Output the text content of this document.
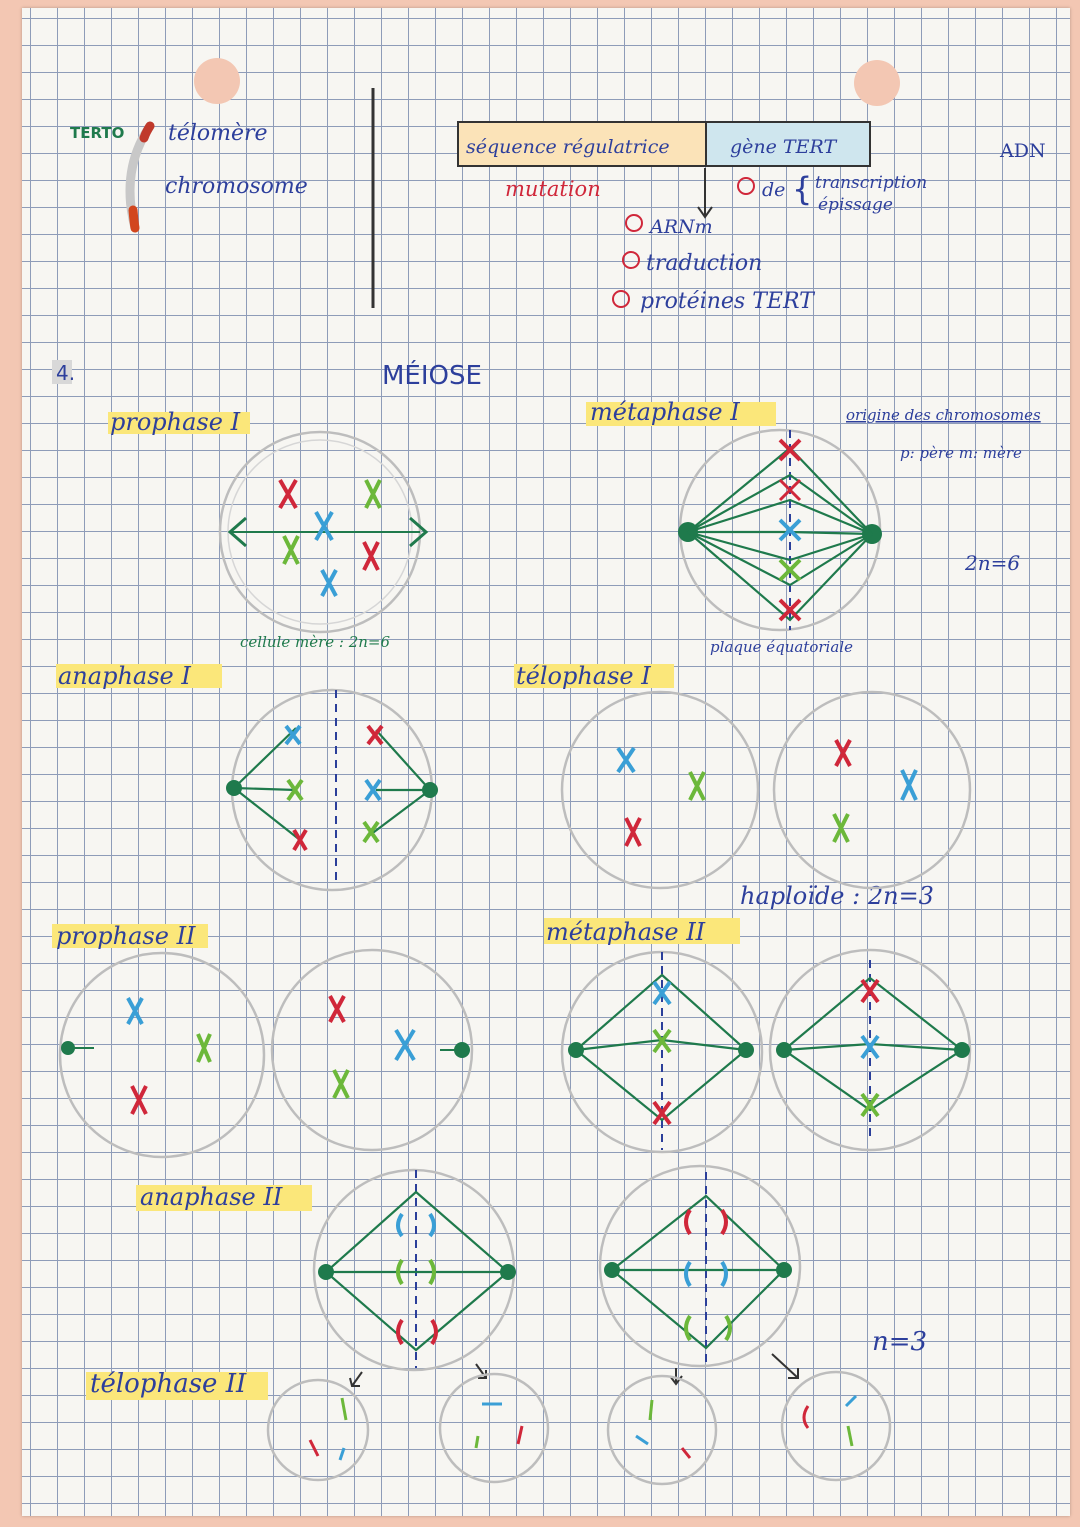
TERTO télomère
chromosome
séquence régulatrice	gène TERT	ADN
mutation	de { transcription
épissage
ARNm
traduction
protéines TERT
4.	MÉIOSE
prophase I	métaphase I
anaphase I	télophase I
prophase II	métaphase II
anaphase II
télophase II
origine des chromosomes
p: père m: mère
2n=6
cellule mère : 2n=6	plaque équatoriale
haploïde : 2n=3
n=3
